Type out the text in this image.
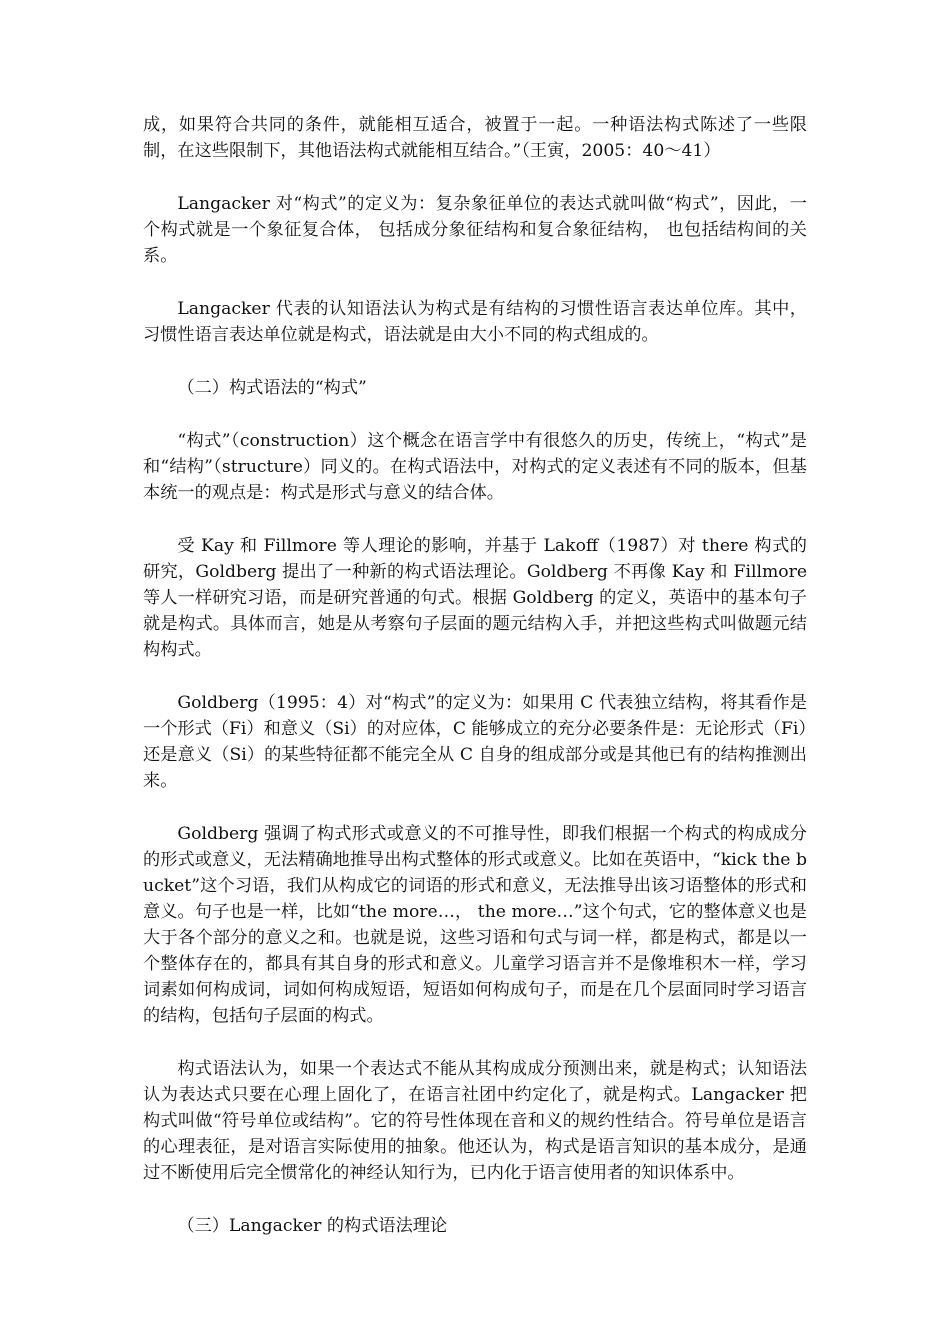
成，如果符合共同的条件，就能相互适合，被置于一起。一种语法构式陈述了一些限制，在这些限制下，其他语法构式就能相互结合。”（王寅，2005：40～41）

Langacker 对“构式”的定义为：复杂象征单位的表达式就叫做“构式”，因此，一个构式就是一个象征复合体， 包括成分象征结构和复合象征结构， 也包括结构间的关系。

Langacker 代表的认知语法认为构式是有结构的习惯性语言表达单位库。其中，习惯性语言表达单位就是构式，语法就是由大小不同的构式组成的。

（二）构式语法的“构式”

“构式”（construction）这个概念在语言学中有很悠久的历史，传统上，“构式”是和“结构”（structure）同义的。在构式语法中，对构式的定义表述有不同的版本，但基本统一的观点是：构式是形式与意义的结合体。

受 Kay 和 Fillmore 等人理论的影响，并基于 Lakoff（1987）对 there 构式的研究，Goldberg 提出了一种新的构式语法理论。Goldberg 不再像 Kay 和 Fillmore 等人一样研究习语，而是研究普通的句式。根据 Goldberg 的定义，英语中的基本句子就是构式。具体而言，她是从考察句子层面的题元结构入手，并把这些构式叫做题元结构构式。

Goldberg（1995：4）对“构式”的定义为：如果用 C 代表独立结构，将其看作是一个形式（Fi）和意义（Si）的对应体，C 能够成立的充分必要条件是：无论形式（Fi）还是意义（Si）的某些特征都不能完全从 C 自身的组成部分或是其他已有的结构推测出来。

Goldberg 强调了构式形式或意义的不可推导性，即我们根据一个构式的构成成分的形式或意义，无法精确地推导出构式整体的形式或意义。比如在英语中，“kick the bucket”这个习语，我们从构成它的词语的形式和意义，无法推导出该习语整体的形式和意义。句子也是一样，比如“the more…， the more…”这个句式，它的整体意义也是大于各个部分的意义之和。也就是说，这些习语和句式与词一样，都是构式，都是以一个整体存在的，都具有其自身的形式和意义。儿童学习语言并不是像堆积木一样，学习词素如何构成词，词如何构成短语，短语如何构成句子，而是在几个层面同时学习语言的结构，包括句子层面的构式。

构式语法认为，如果一个表达式不能从其构成成分预测出来，就是构式；认知语法认为表达式只要在心理上固化了，在语言社团中约定化了，就是构式。Langacker 把构式叫做“符号单位或结构”。它的符号性体现在音和义的规约性结合。符号单位是语言的心理表征，是对语言实际使用的抽象。他还认为，构式是语言知识的基本成分，是通过不断使用后完全惯常化的神经认知行为，已内化于语言使用者的知识体系中。

（三）Langacker 的构式语法理论
